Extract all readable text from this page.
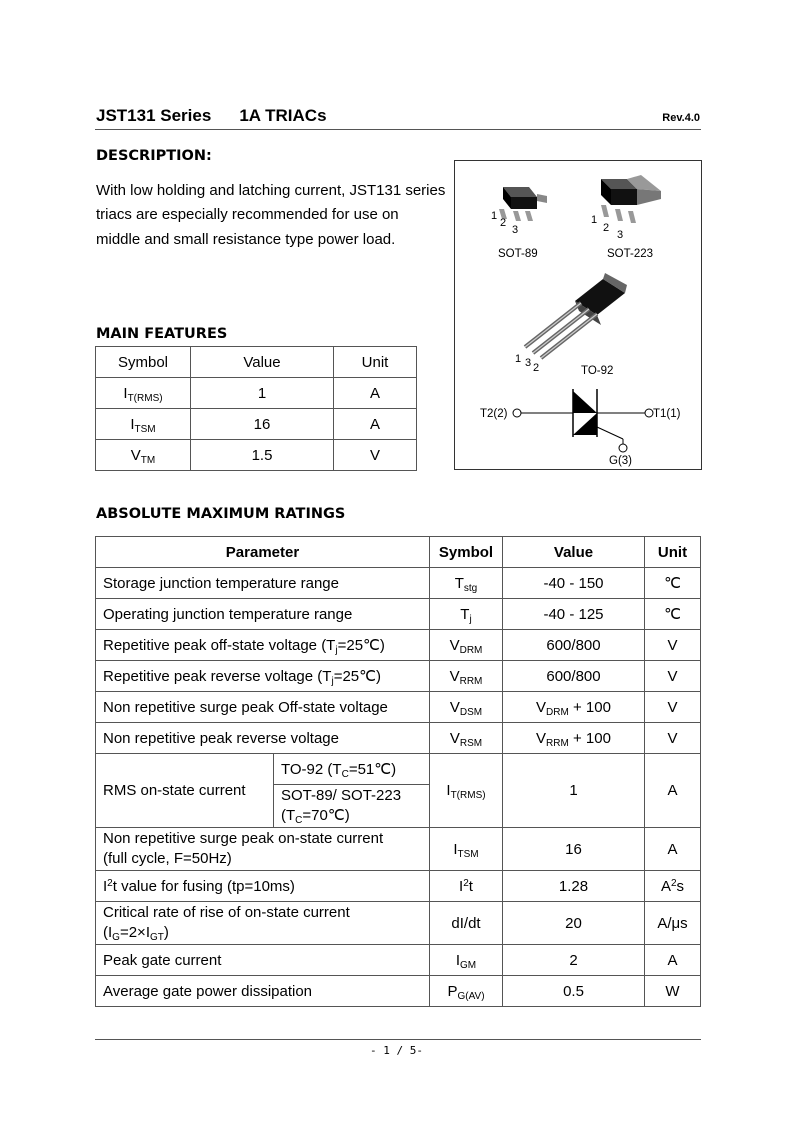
JST131 Series 1A TRIACs	Rev.4.0
DESCRIPTION:
With low holding and latching current, JST131 series triacs are especially recommended for use on middle and small resistance type power load.
1
2
3
SOT-89
1
2
3
SOT-223
1 3 2	TO-92
T2(2)	T1(1)
G(3)
MAIN FEATURES
Symbol	Value	Unit
$I_{T(RMS)}$	1	A
$I_{TSM}$	16	A
$V_{TM}$	1.5	V
ABSOLUTE MAXIMUM RATINGS
Parameter		Symbol	Value	Unit
Storage junction temperature range		$T_{stg}$	-40 - 150	℃
Operating junction temperature range		$T_j$	-40 - 125	℃
Repetitive peak off-state voltage $(T_j=25℃)$		$V_{DRM}$	600/800	V
Repetitive peak reverse voltage $(T_j=25℃)$		$V_{RRM}$	600/800	V
Non repetitive surge peak Off-state voltage		$V_{DSM}$	$V_{DRM} + 100$	V
Non repetitive peak reverse voltage		$V_{RSM}$	$V_{RRM} + 100$	V
RMS on-state current	TO-92 $(T_C=51℃)$	$I_{T(RMS)}$	1	A
	SOT-89/ SOT-223
$(T_C=70℃)$			
Non repetitive surge peak on-state current
(full cycle, F=50Hz)		$I_{TSM}$	16	A
$I^2t$ value for fusing (tp=10ms)		$I^2t$	1.28	$A^2s$
Critical rate of rise of on-state current
$(I_G=2\times I_{GT})$		dI/dt	20	A/μs
Peak gate current		$I_{GM}$	2	A
Average gate power dissipation		$P_{G(AV)}$	0.5	W
- 1 / 5-
